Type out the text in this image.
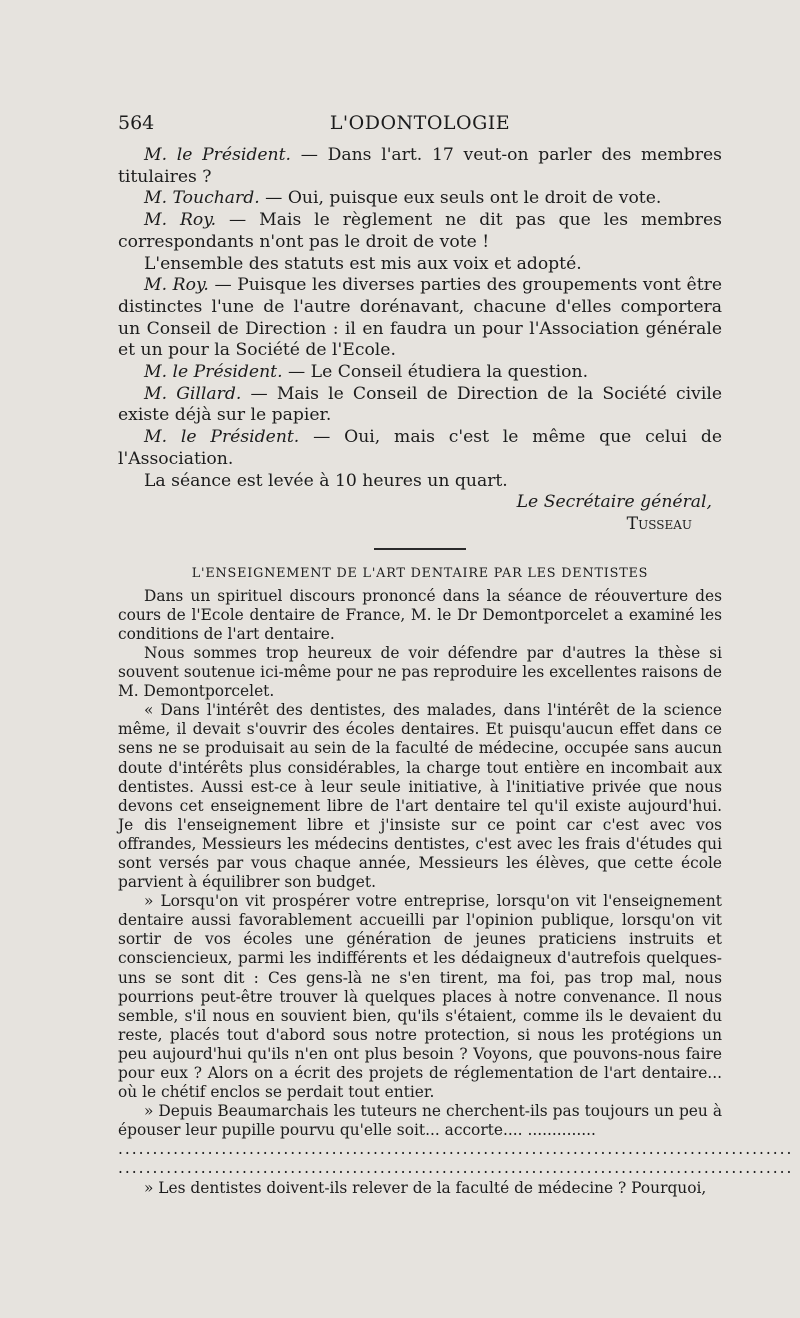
564	L'ODONTOLOGIE

M. le Président. — Dans l'art. 17 veut-on parler des membres titulaires ?

M. Touchard. — Oui, puisque eux seuls ont le droit de vote.

M. Roy. — Mais le règlement ne dit pas que les membres correspondants n'ont pas le droit de vote !

L'ensemble des statuts est mis aux voix et adopté.

M. Roy. — Puisque les diverses parties des groupements vont être distinctes l'une de l'autre dorénavant, chacune d'elles comportera un Conseil de Direction : il en faudra un pour l'Association générale et un pour la Société de l'Ecole.

M. le Président. — Le Conseil étudiera la question.

M. Gillard. — Mais le Conseil de Direction de la Société civile existe déjà sur le papier.

M. le Président. — Oui, mais c'est le même que celui de l'Association.

La séance est levée à 10 heures un quart.

Le Secrétaire général,
Tusseau
L'ENSEIGNEMENT DE L'ART DENTAIRE PAR LES DENTISTES

Dans un spirituel discours prononcé dans la séance de réouverture des cours de l'Ecole dentaire de France, M. le Dr Demontporcelet a examiné les conditions de l'art dentaire.

Nous sommes trop heureux de voir défendre par d'autres la thèse si souvent soutenue ici-même pour ne pas reproduire les excellentes raisons de M. Demontporcelet.

« Dans l'intérêt des dentistes, des malades, dans l'intérêt de la science même, il devait s'ouvrir des écoles dentaires. Et puisqu'aucun effet dans ce sens ne se produisait au sein de la faculté de médecine, occupée sans aucun doute d'intérêts plus considérables, la charge tout entière en incombait aux dentistes. Aussi est-ce à leur seule initiative, à l'initiative privée que nous devons cet enseignement libre de l'art dentaire tel qu'il existe aujourd'hui. Je dis l'enseignement libre et j'insiste sur ce point car c'est avec vos offrandes, Messieurs les médecins dentistes, c'est avec les frais d'études qui sont versés par vous chaque année, Messieurs les élèves, que cette école parvient à équilibrer son budget.

» Lorsqu'on vit prospérer votre entreprise, lorsqu'on vit l'enseignement dentaire aussi favorablement accueilli par l'opinion publique, lorsqu'on vit sortir de vos écoles une génération de jeunes praticiens instruits et consciencieux, parmi les indifférents et les dédaigneux d'autrefois quelques-uns se sont dit : Ces gens-là ne s'en tirent, ma foi, pas trop mal, nous pourrions peut-être trouver là quelques places à notre convenance. Il nous semble, s'il nous en souvient bien, qu'ils s'étaient, comme ils le devaient du reste, placés tout d'abord sous notre protection, si nous les protégions un peu aujourd'hui qu'ils n'en ont plus besoin ? Voyons, que pouvons-nous faire pour eux ? Alors on a écrit des projets de réglementation de l'art dentaire... où le chétif enclos se perdait tout entier.

» Depuis Beaumarchais les tuteurs ne cherchent-ils pas toujours un peu à épouser leur pupille pourvu qu'elle soit... accorte.... ..............

..................................................................................................
..................................................................................................

» Les dentistes doivent-ils relever de la faculté de médecine ? Pourquoi,
